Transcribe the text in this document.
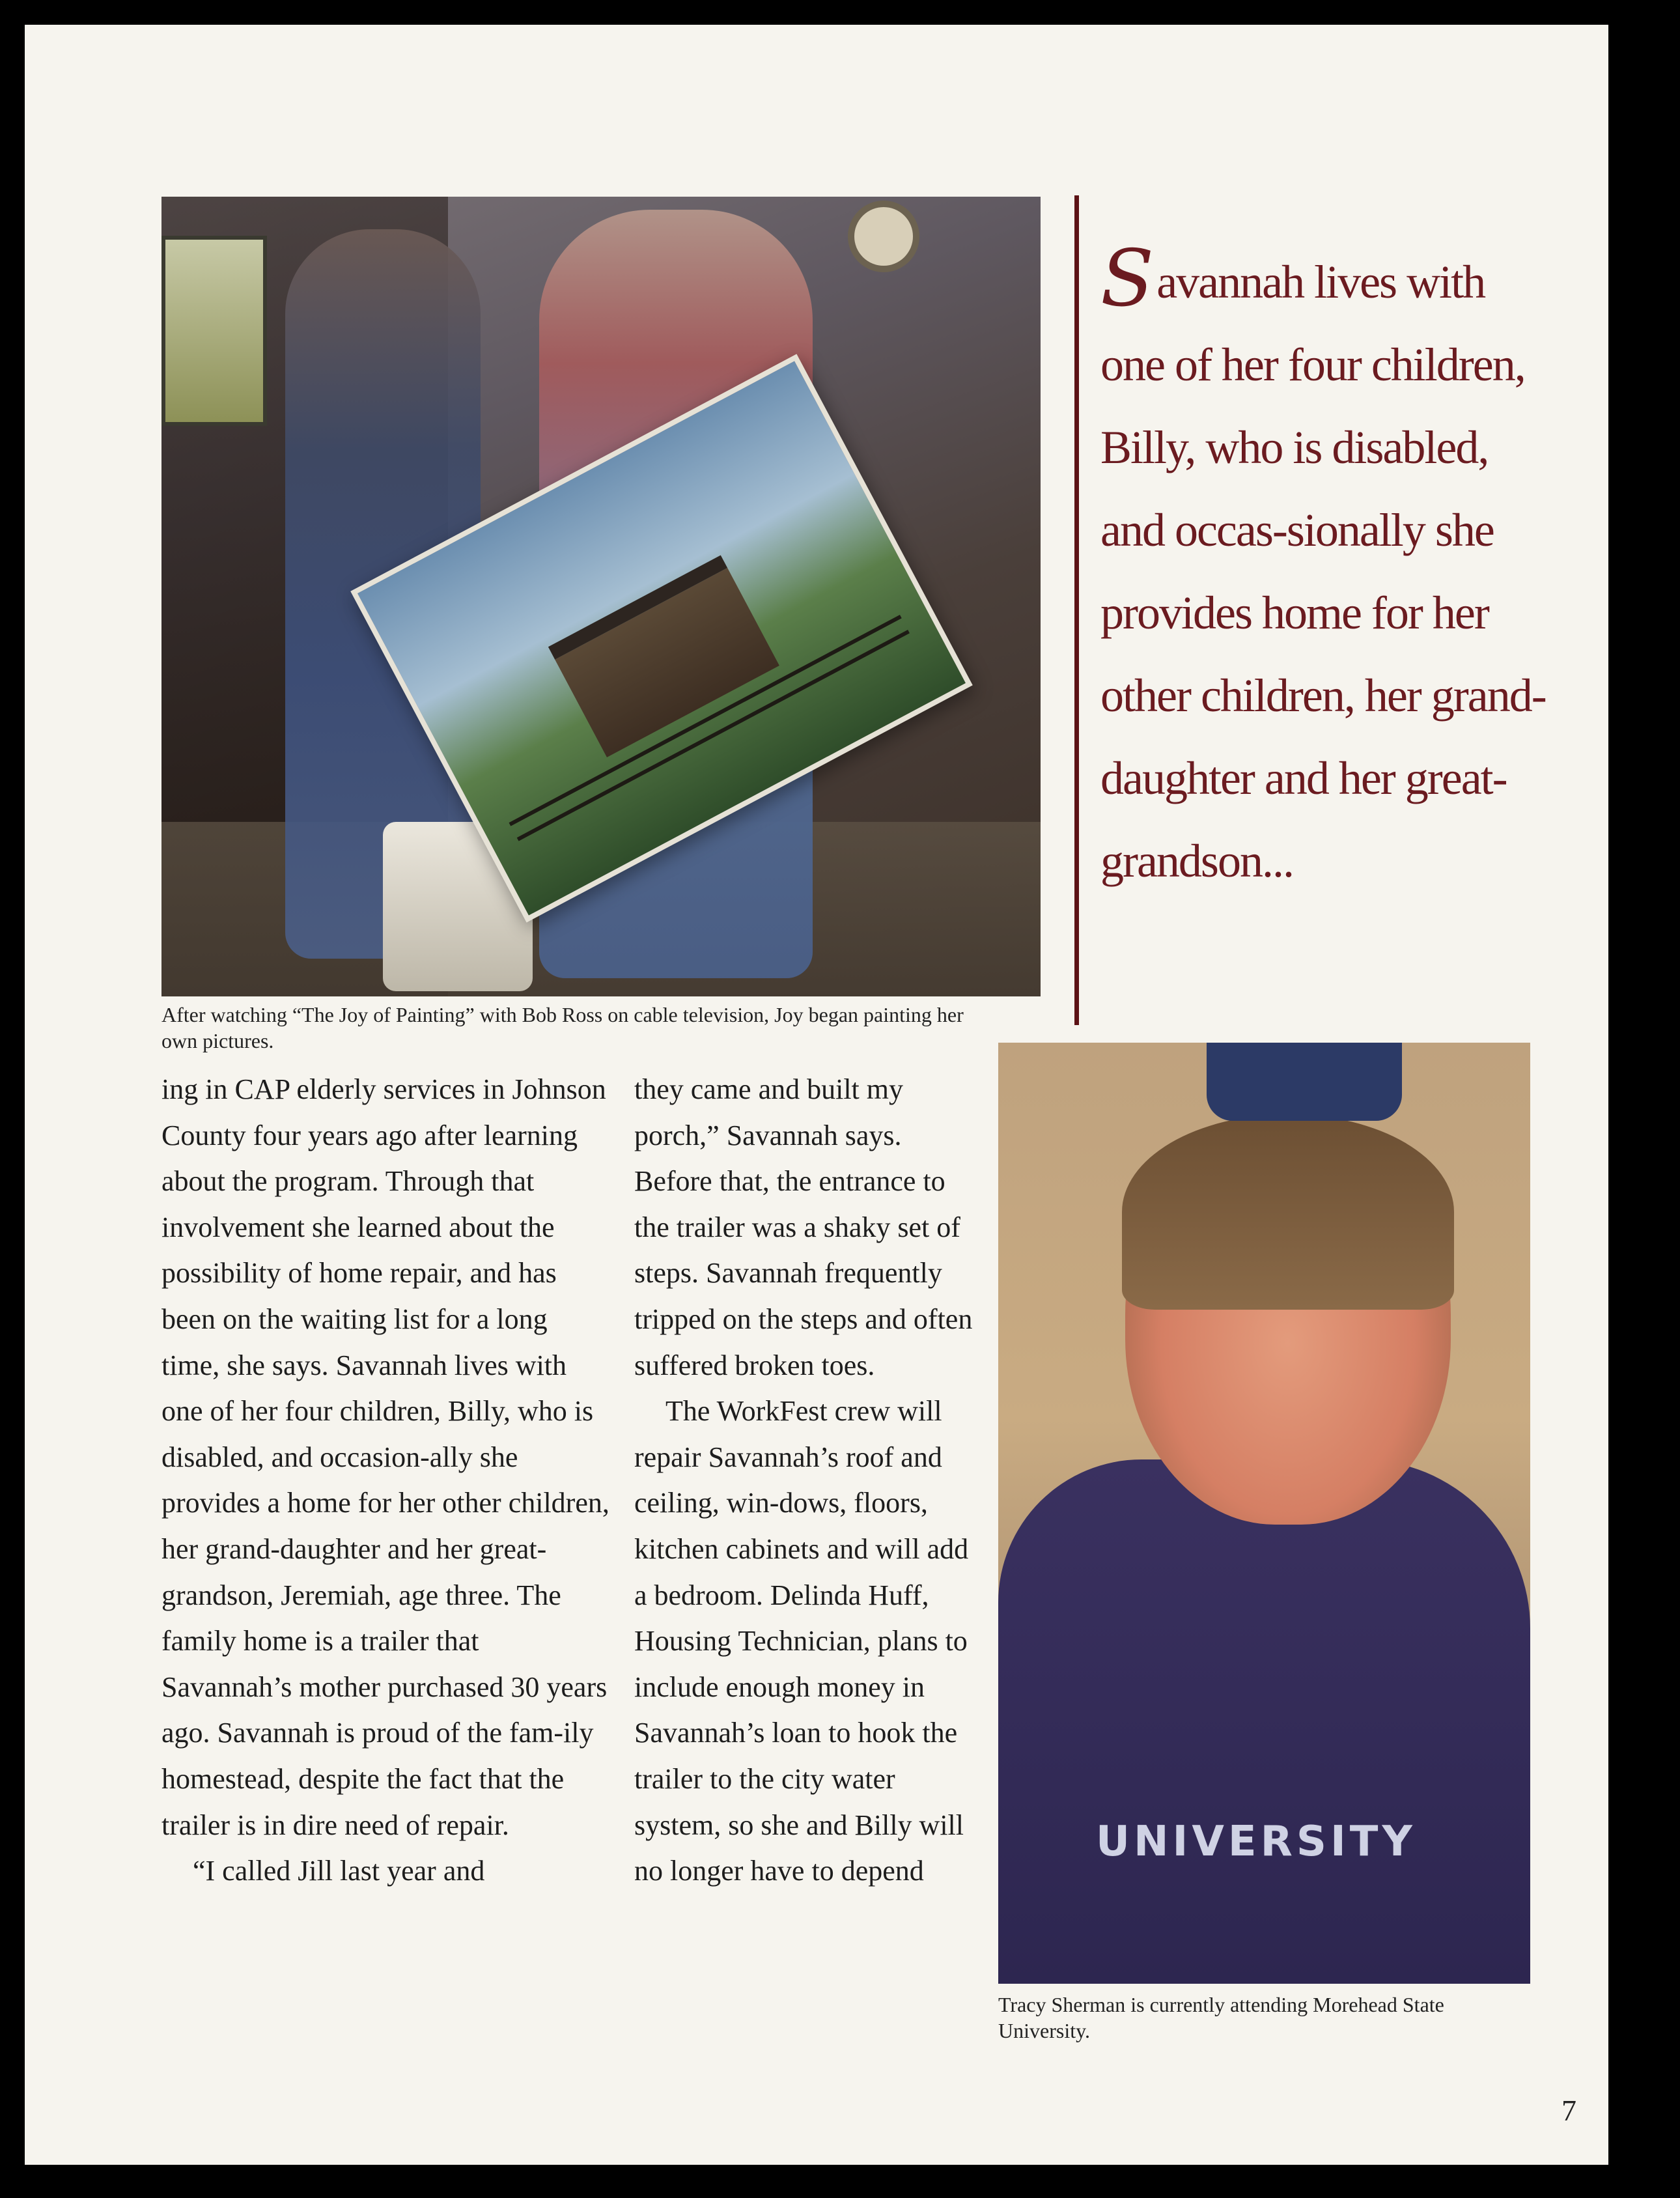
After watching “The Joy of Painting” with Bob Ross on cable television, Joy began painting her own pictures.

Savannah lives with one of her four children, Billy, who is disabled, and occas-sionally she provides home for her other children, her grand-daughter and her great-grandson...

ing in CAP elderly services in Johnson County four years ago after learning about the program. Through that involvement she learned about the possibility of home repair, and has been on the waiting list for a long time, she says. Savannah lives with one of her four children, Billy, who is disabled, and occasion-ally she provides a home for her other children, her grand-daughter and her great-grandson, Jeremiah, age three. The family home is a trailer that Savannah’s mother purchased 30 years ago. Savannah is proud of the fam-ily homestead, despite the fact that the trailer is in dire need of repair.

“I called Jill last year and

they came and built my porch,” Savannah says. Before that, the entrance to the trailer was a shaky set of steps. Savannah frequently tripped on the steps and often suffered broken toes.

The WorkFest crew will repair Savannah’s roof and ceiling, win-dows, floors, kitchen cabinets and will add a bedroom. Delinda Huff, Housing Technician, plans to include enough money in Savannah’s loan to hook the trailer to the city water system, so she and Billy will no longer have to depend

UNIVERSITY

Tracy Sherman is currently attending Morehead State University.

7
